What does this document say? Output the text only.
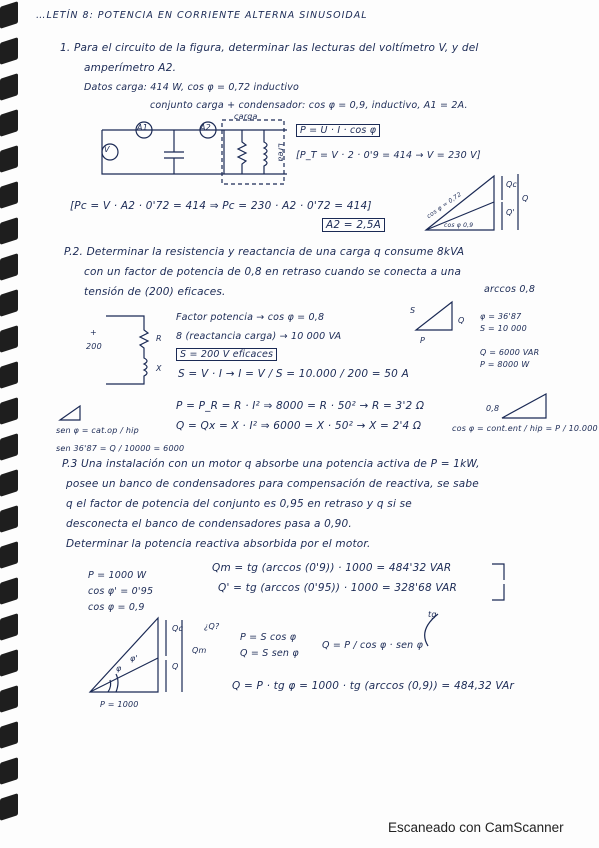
…LETÍN 8: POTENCIA EN CORRIENTE ALTERNA SINUSOIDAL
1. Para el circuito de la figura, determinar las lecturas del voltímetro V, y del
amperímetro A2.
Datos carga: 414 W, cos φ = 0,72 inductivo
conjunto carga + condensador: cos φ = 0,9, inductivo, A1 = 2A.
V
A1	A2
carga
Lrea
P = U · I · cos φ
[P_T = V · 2 · 0'9 = 414 → V = 230 V]
[Pc = V · A2 · 0'72 = 414 ⇒ Pc = 230 · A2 · 0'72 = 414]
A2 = 2,5A
Qc
Q'
Q
cos φ = 0,72
cos φ 0,9
P.2. Determinar la resistencia y reactancia de una carga q consume 8kVA
con un factor de potencia de 0,8 en retraso cuando se conecta a una
tensión de (200) eficaces.
+
200
R
X
Factor potencia → cos φ = 0,8
8 (reactancia carga) → 10 000 VA
S = 200 V eficaces
S = V · I → I = V / S = 10.000 / 200 = 50 A
P = P_R = R · I² ⇒ 8000 = R · 50² → R = 3'2 Ω
Q = Qx = X · I² ⇒ 6000 = X · 50² → X = 2'4 Ω
S
P
Q
arccos 0,8
φ = 36'87
S = 10 000
Q = 6000 VAR
P = 8000 W
sen φ = cat.op / hip
sen 36'87 = Q / 10000 = 6000
0,8
cos φ = cont.ent / hip = P / 10.000
P.3 Una instalación con un motor q absorbe una potencia activa de P = 1kW,
posee un banco de condensadores para compensación de reactiva, se sabe
q el factor de potencia del conjunto es 0,95 en retraso y q si se
desconecta el banco de condensadores pasa a 0,90.
Determinar la potencia reactiva absorbida por el motor.
P = 1000 W
cos φ' = 0'95
cos φ = 0,9
Qm = tg (arccos (0'9)) · 1000 = 484'32 VAR
Q' = tg (arccos (0'95)) · 1000 = 328'68 VAR
Qc
Qm
Q
¿Q?
φ
φ'
P = 1000
P = S cos φ
Q = S sen φ
Q = P / cos φ · sen φ
tg
Q = P · tg φ = 1000 · tg (arccos (0,9)) = 484,32 VAr
Escaneado con CamScanner
